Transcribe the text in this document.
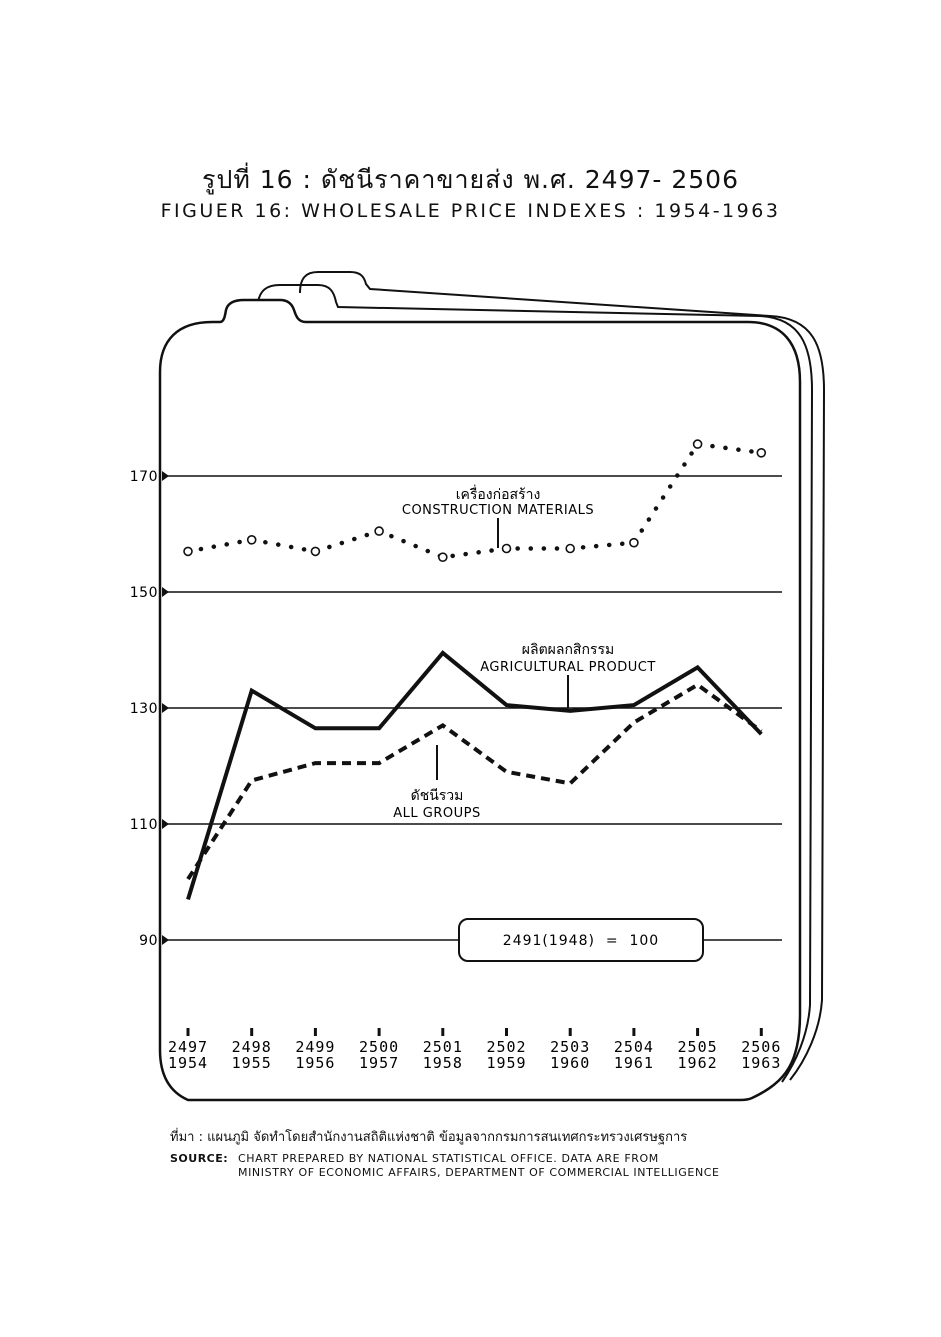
รูปที่ 16 : ดัชนีราคาขายส่ง พ.ศ. 2497- 2506
FIGUER 16: WHOLESALE PRICE INDEXES : 1954-1963
90
110
130
150
170
2497
1954
2498
1955
2499
1956
2500
1957
2501
1958
2502
1959
2503
1960
2504
1961
2505
1962
2506
1963
เครื่องก่อสร้าง
CONSTRUCTION MATERIALS
ผลิตผลกสิกรรม
AGRICULTURAL PRODUCT
ดัชนีรวม
ALL GROUPS
2491(1948)  =  100
ที่มา : แผนภูมิ จัดทำโดยสำนักงานสถิติแห่งชาติ ข้อมูลจากกรมการสนเทศกระทรวงเศรษฐการ
SOURCE: CHART PREPARED BY NATIONAL STATISTICAL OFFICE. DATA ARE FROM
MINISTRY OF ECONOMIC AFFAIRS, DEPARTMENT OF COMMERCIAL INTELLIGENCE
